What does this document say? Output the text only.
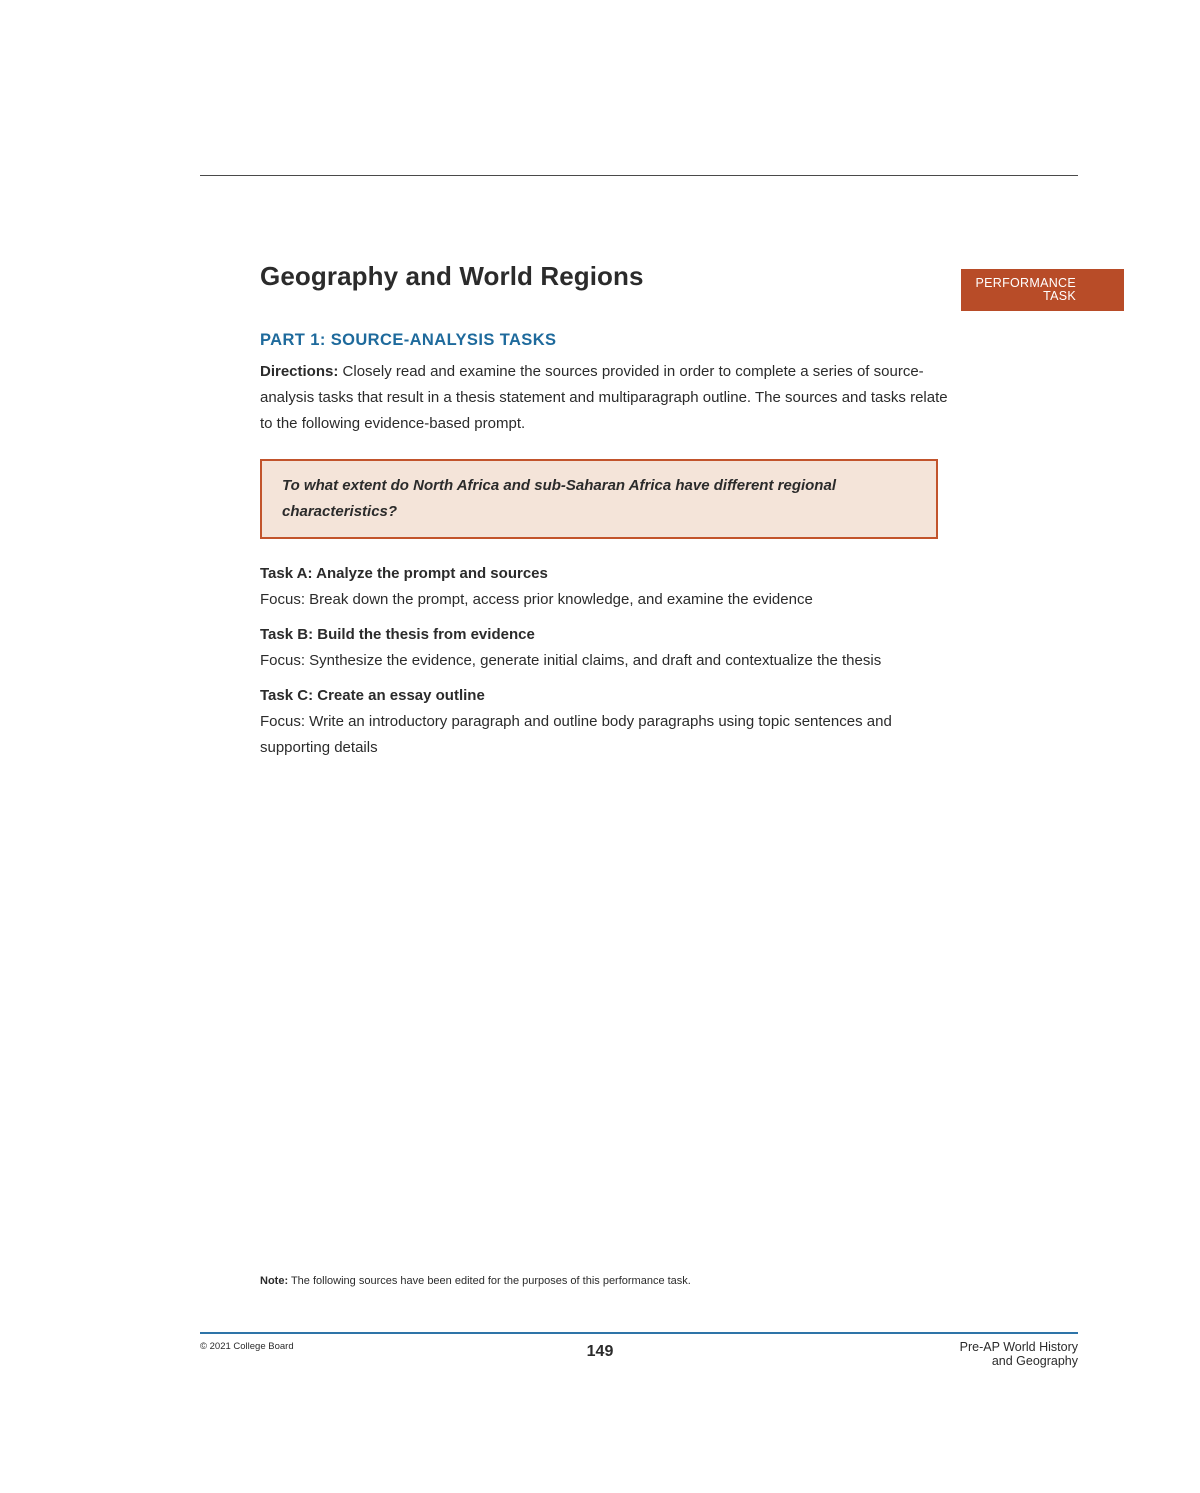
Geography and World Regions	PERFORMANCE
TASK
PART 1: SOURCE-ANALYSIS TASKS

Directions: Closely read and examine the sources provided in order to complete a series of source-analysis tasks that result in a thesis statement and multiparagraph outline. The sources and tasks relate to the following evidence-based prompt.

To what extent do North Africa and sub-Saharan Africa have different regional characteristics?

Task A: Analyze the prompt and sources

Focus: Break down the prompt, access prior knowledge, and examine the evidence

Task B: Build the thesis from evidence

Focus: Synthesize the evidence, generate initial claims, and draft and contextualize the thesis

Task C: Create an essay outline

Focus: Write an introductory paragraph and outline body paragraphs using topic sentences and supporting details

Note: The following sources have been edited for the purposes of this performance task.

© 2021 College Board	149	Pre-AP World History
and Geography
